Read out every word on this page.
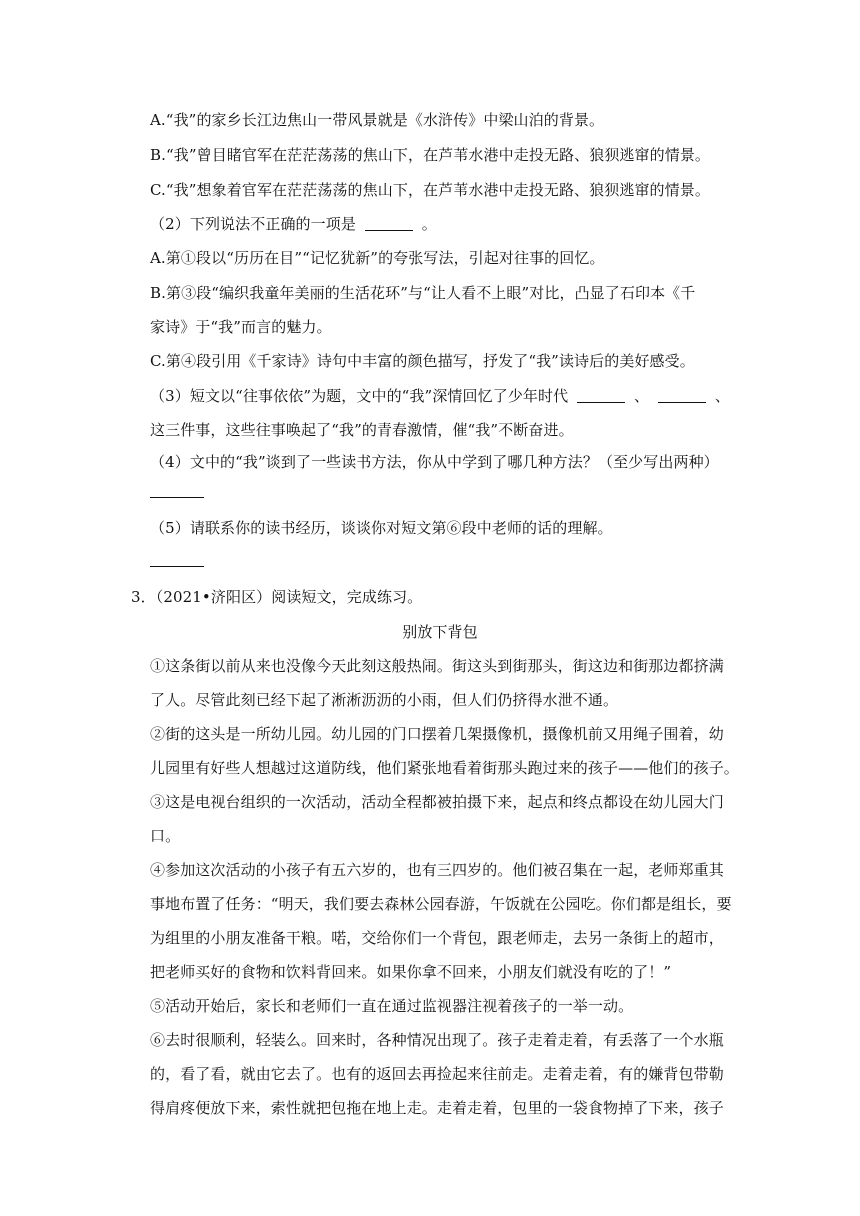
A.“我”的家乡长江边焦山一带风景就是《水浒传》中梁山泊的背景。
B.“我”曾目睹官军在茫茫荡荡的焦山下，在芦苇水港中走投无路、狼狈逃窜的情景。
C.“我”想象着官军在茫茫荡荡的焦山下，在芦苇水港中走投无路、狼狈逃窜的情景。
（2）下列说法不正确的一项是	。
A.第①段以“历历在目”“记忆犹新”的夸张写法，引起对往事的回忆。
B.第③段“编织我童年美丽的生活花环”与“让人看不上眼”对比，凸显了石印本《千
家诗》于“我”而言的魅力。
C.第④段引用《千家诗》诗句中丰富的颜色描写，抒发了“我”读诗后的美好感受。
（3）短文以“往事依依”为题，文中的“我”深情回忆了少年时代	、	、
这三件事，这些往事唤起了“我”的青春激情，催“我”不断奋进。
（4）文中的“我”谈到了一些读书方法，你从中学到了哪几种方法？（至少写出两种）
（5）请联系你的读书经历，谈谈你对短文第⑥段中老师的话的理解。
3．（2021•济阳区）阅读短文，完成练习。
别放下背包
①这条街以前从来也没像今天此刻这般热闹。街这头到街那头，街这边和街那边都挤满
了人。尽管此刻已经下起了淅淅沥沥的小雨，但人们仍挤得水泄不通。
②街的这头是一所幼儿园。幼儿园的门口摆着几架摄像机，摄像机前又用绳子围着，幼
儿园里有好些人想越过这道防线，他们紧张地看着街那头跑过来的孩子——他们的孩子。
③这是电视台组织的一次活动，活动全程都被拍摄下来，起点和终点都设在幼儿园大门
口。
④参加这次活动的小孩子有五六岁的，也有三四岁的。他们被召集在一起，老师郑重其
事地布置了任务：“明天，我们要去森林公园春游，午饭就在公园吃。你们都是组长，要
为组里的小朋友准备干粮。喏，交给你们一个背包，跟老师走，去另一条街上的超市，
把老师买好的食物和饮料背回来。如果你拿不回来，小朋友们就没有吃的了！”
⑤活动开始后，家长和老师们一直在通过监视器注视着孩子的一举一动。
⑥去时很顺利，轻装么。回来时，各种情况出现了。孩子走着走着，有丢落了一个水瓶
的，看了看，就由它去了。也有的返回去再捡起来往前走。走着走着，有的嫌背包带勒
得肩疼便放下来，索性就把包拖在地上走。走着走着，包里的一袋食物掉了下来，孩子
